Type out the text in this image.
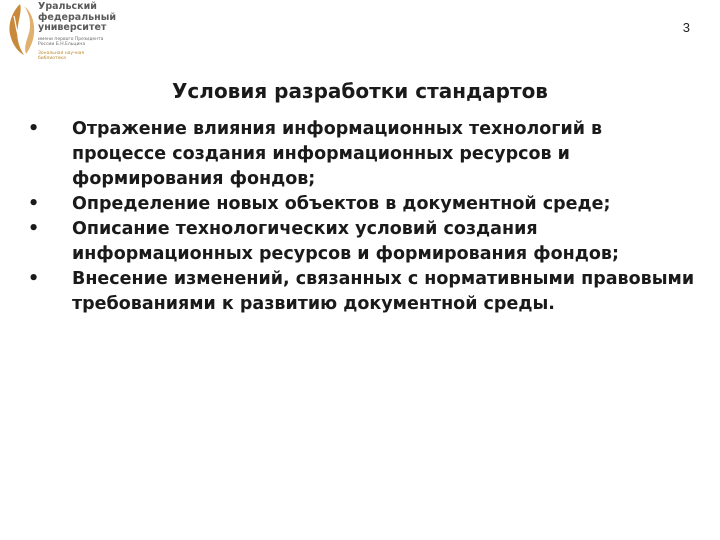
Уральский
федеральный
университет
имени первого Президента
России Б.Н.Ельцина
Зональная научная
библиотека
3
Условия разработки стандартов
•	Отражение влияния информационных технологий в процессе создания информационных ресурсов и формирования фондов;
•	Определение новых объектов в документной среде;
•	Описание технологических условий создания информационных ресурсов и формирования фондов;
•	Внесение изменений, связанных с нормативными правовыми требованиями к развитию документной среды.
